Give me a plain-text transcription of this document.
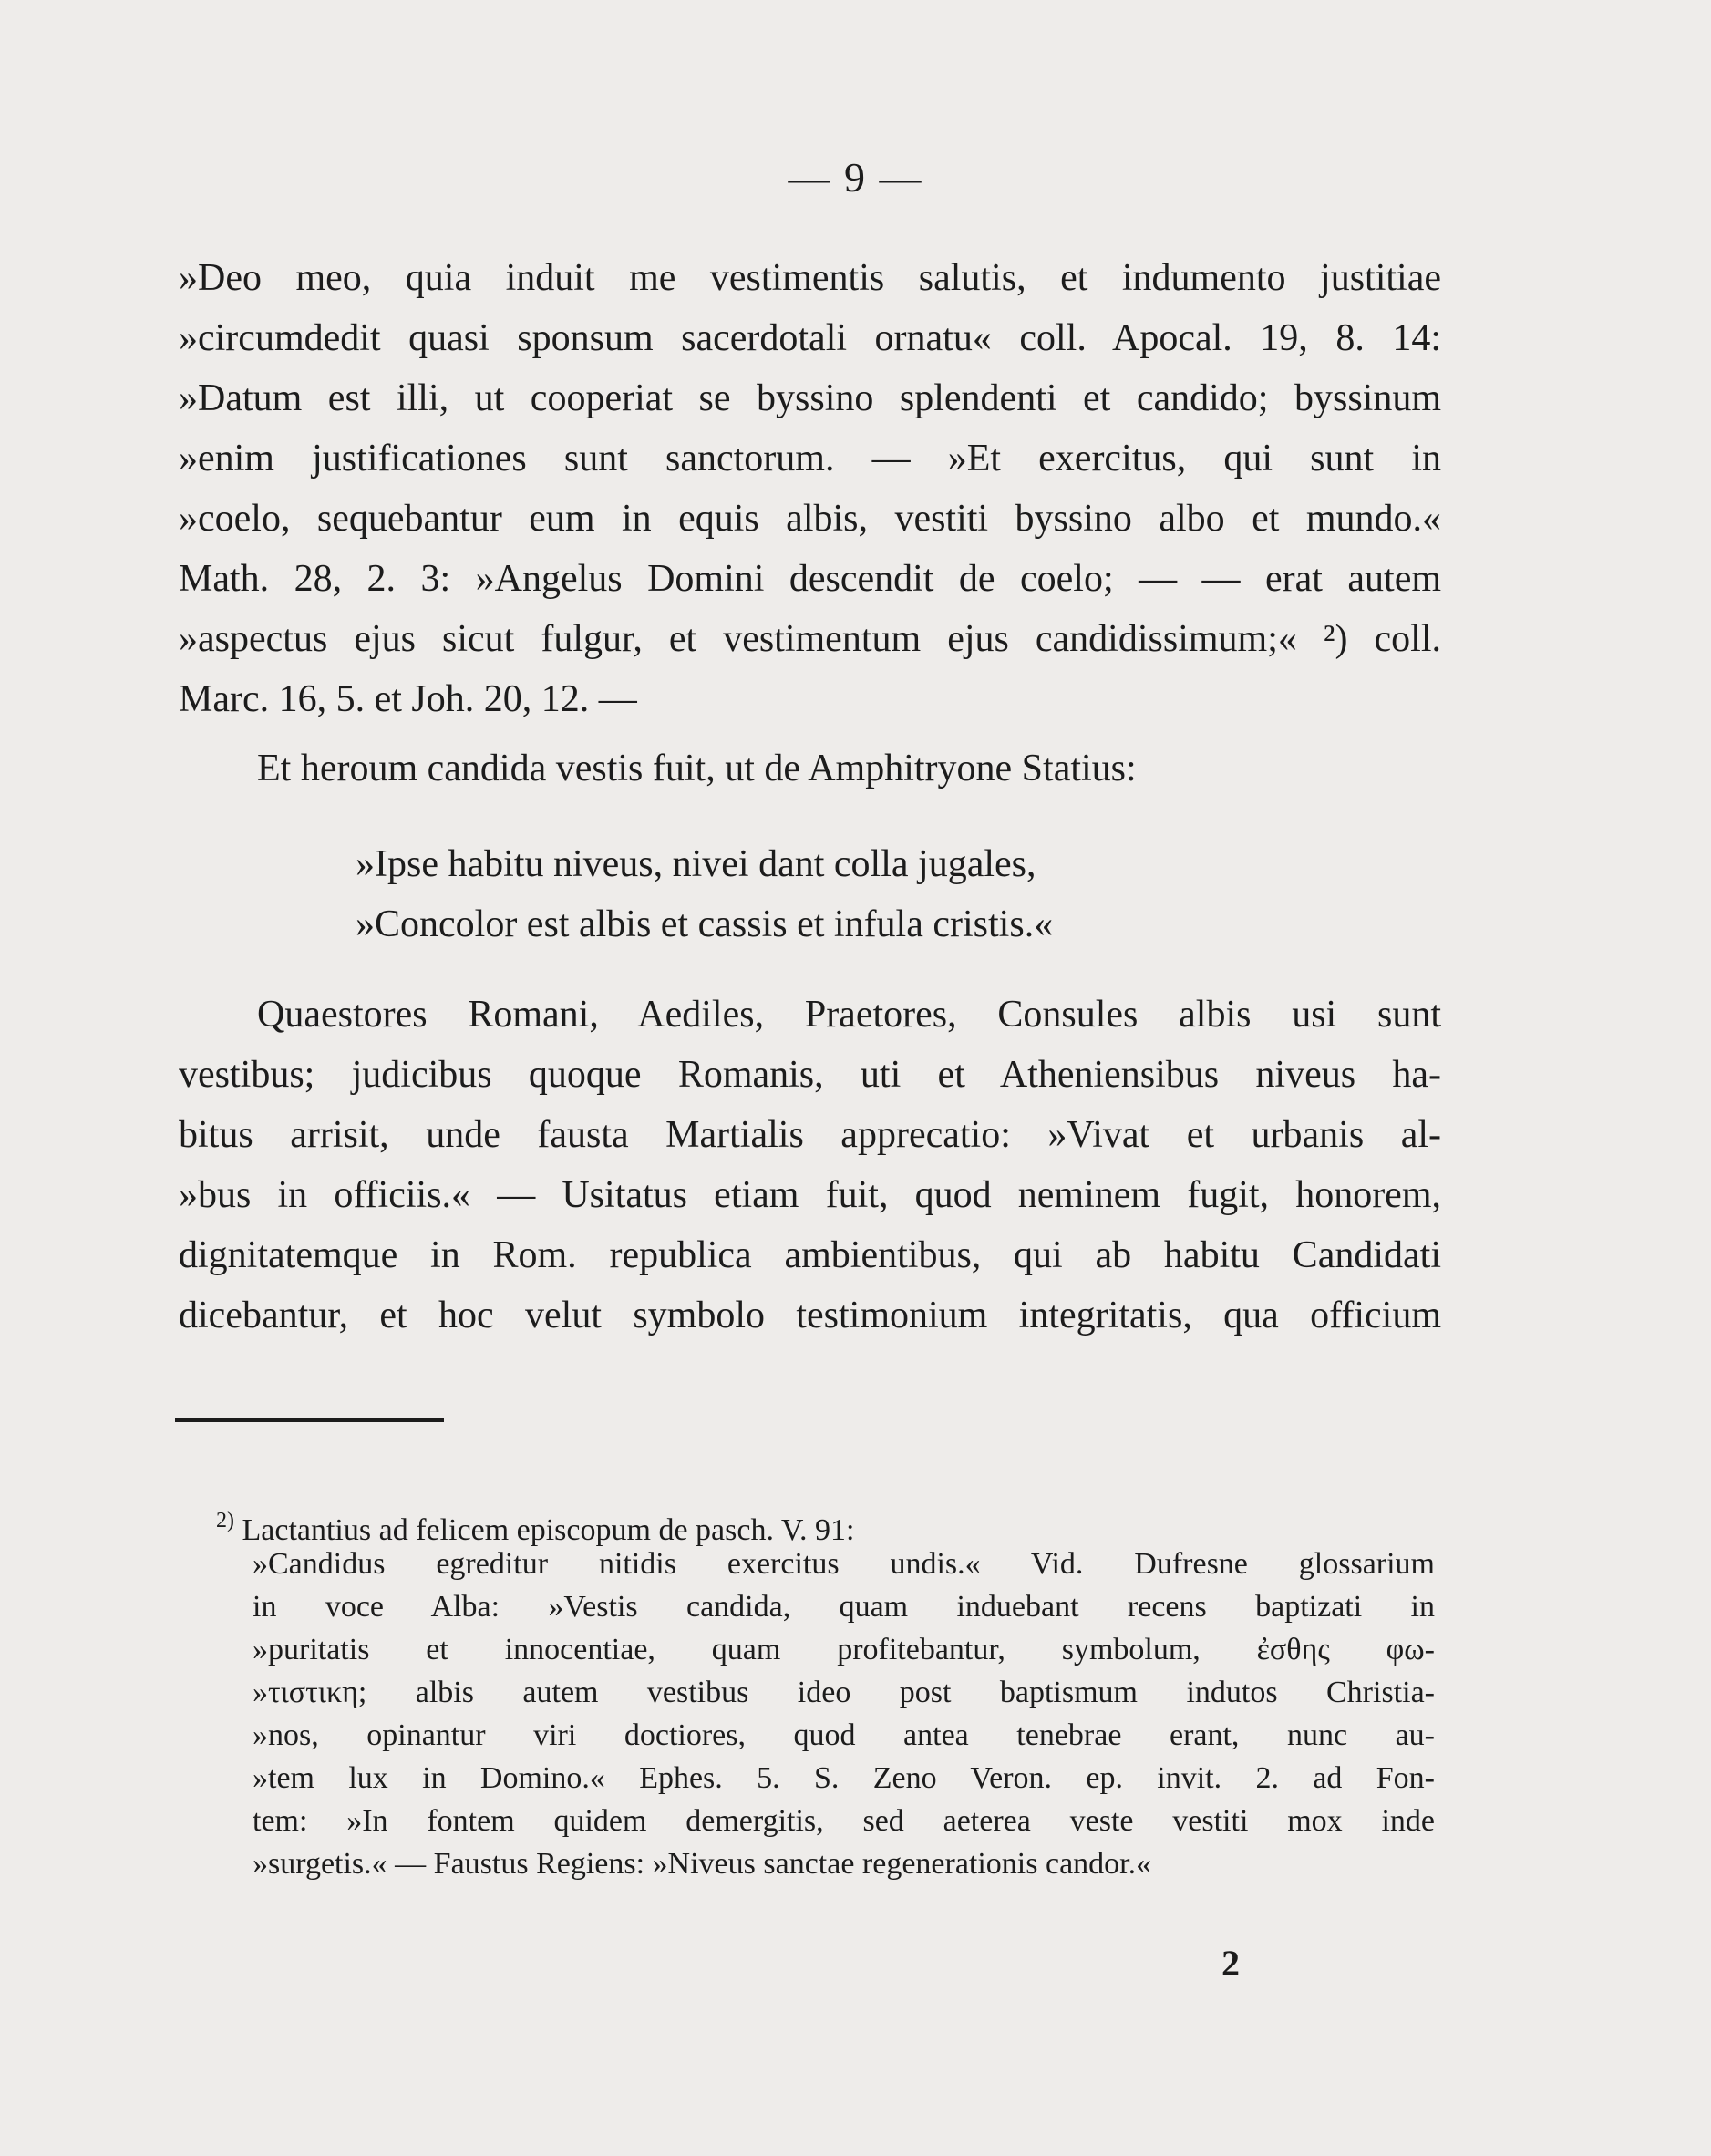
— 9 —
»Deo meo, quia induit me vestimentis salutis, et indumento justitiae
»circumdedit quasi sponsum sacerdotali ornatu« coll. Apocal. 19, 8. 14:
»Datum est illi, ut cooperiat se byssino splendenti et candido; byssinum
»enim justificationes sunt sanctorum. — »Et exercitus, qui sunt in
»coelo, sequebantur eum in equis albis, vestiti byssino albo et mundo.«
Math. 28, 2. 3: »Angelus Domini descendit de coelo; — — erat autem
»aspectus ejus sicut fulgur, et vestimentum ejus candidissimum;« ²) coll.
Marc. 16, 5. et Joh. 20, 12. —
Et heroum candida vestis fuit, ut de Amphitryone Statius:
»Ipse habitu niveus, nivei dant colla jugales,
»Concolor est albis et cassis et infula cristis.«
Quaestores Romani, Aediles, Praetores, Consules albis usi sunt
vestibus; judicibus quoque Romanis, uti et Atheniensibus niveus ha-
bitus arrisit, unde fausta Martialis apprecatio: »Vivat et urbanis al-
»bus in officiis.« — Usitatus etiam fuit, quod neminem fugit, honorem,
dignitatemque in Rom. republica ambientibus, qui ab habitu Candidati
dicebantur, et hoc velut symbolo testimonium integritatis, qua officium
$^{2)}$ Lactantius ad felicem episcopum de pasch. V. 91:
»Candidus egreditur nitidis exercitus undis.« Vid. Dufresne glossarium
in voce Alba: »Vestis candida, quam induebant recens baptizati in
»puritatis et innocentiae, quam profitebantur, symbolum, ἐσθης φω-
»τιστικη; albis autem vestibus ideo post baptismum indutos Christia-
»nos, opinantur viri doctiores, quod antea tenebrae erant, nunc au-
»tem lux in Domino.« Ephes. 5. S. Zeno Veron. ep. invit. 2. ad Fon-
tem: »In fontem quidem demergitis, sed aeterea veste vestiti mox inde
»surgetis.« — Faustus Regiens: »Niveus sanctae regenerationis candor.«
2
